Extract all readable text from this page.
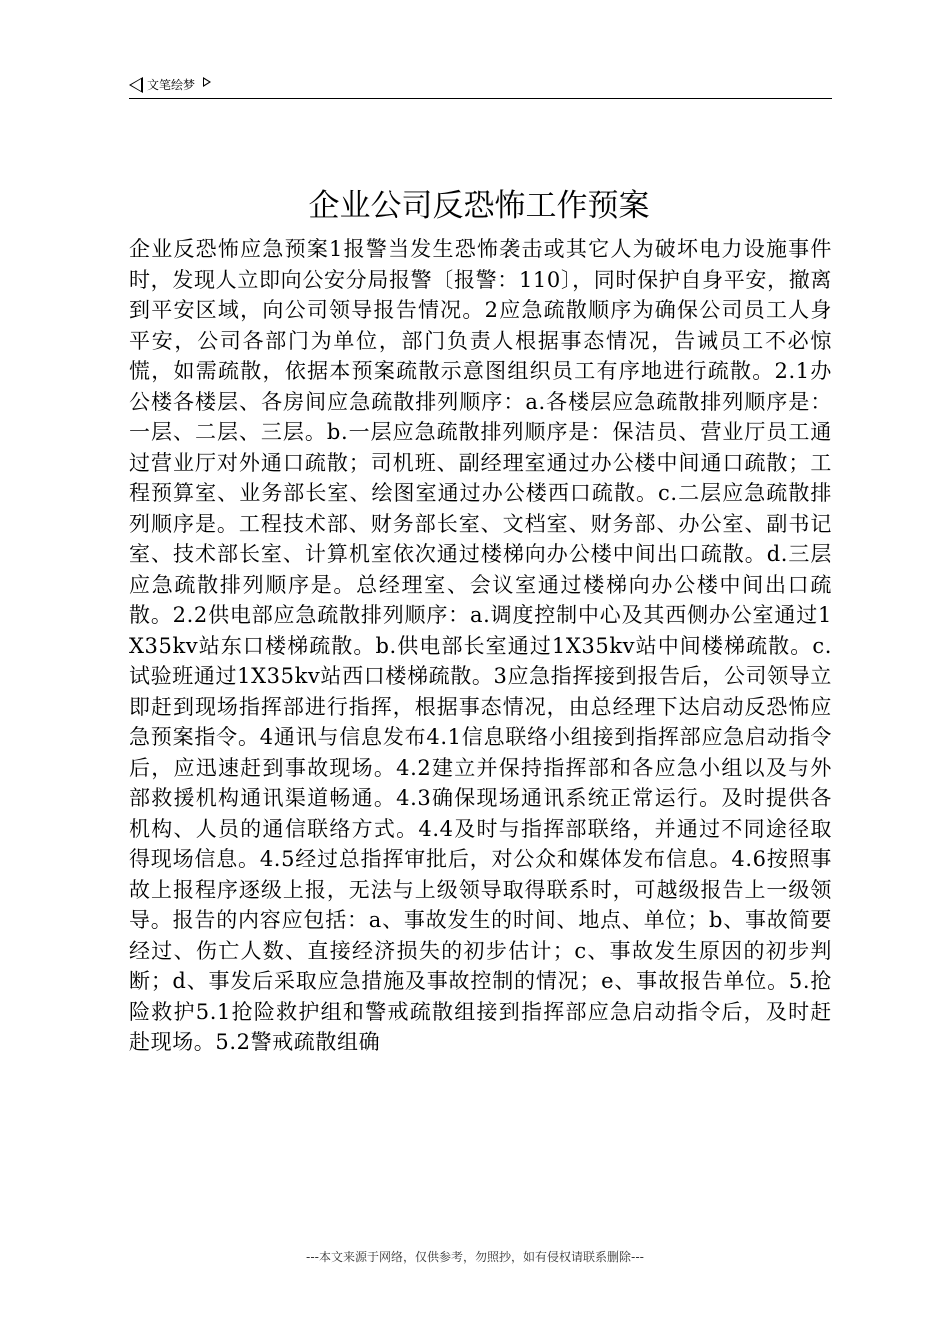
文笔绘梦
企业公司反恐怖工作预案

企业反恐怖应急预案1报警当发生恐怖袭击或其它人为破坏电力设施事件时，发现人立即向公安分局报警〔报警：110〕，同时保护自身平安，撤离到平安区域，向公司领导报告情况。2应急疏散顺序为确保公司员工人身平安，公司各部门为单位，部门负责人根据事态情况，告诫员工不必惊慌，如需疏散，依据本预案疏散示意图组织员工有序地进行疏散。2.1办公楼各楼层、各房间应急疏散排列顺序：a.各楼层应急疏散排列顺序是：一层、二层、三层。b.一层应急疏散排列顺序是：保洁员、营业厅员工通过营业厅对外通口疏散；司机班、副经理室通过办公楼中间通口疏散；工程预算室、业务部长室、绘图室通过办公楼西口疏散。c.二层应急疏散排列顺序是。工程技术部、财务部长室、文档室、财务部、办公室、副书记室、技术部长室、计算机室依次通过楼梯向办公楼中间出口疏散。d.三层应急疏散排列顺序是。总经理室、会议室通过楼梯向办公楼中间出口疏散。2.2供电部应急疏散排列顺序：a.调度控制中心及其西侧办公室通过1X35kv站东口楼梯疏散。b.供电部长室通过1X35kv站中间楼梯疏散。c.试验班通过1X35kv站西口楼梯疏散。3应急指挥接到报告后，公司领导立即赶到现场指挥部进行指挥，根据事态情况，由总经理下达启动反恐怖应急预案指令。4通讯与信息发布4.1信息联络小组接到指挥部应急启动指令后，应迅速赶到事故现场。4.2建立并保持指挥部和各应急小组以及与外部救援机构通讯渠道畅通。4.3确保现场通讯系统正常运行。及时提供各机构、人员的通信联络方式。4.4及时与指挥部联络，并通过不同途径取得现场信息。4.5经过总指挥审批后，对公众和媒体发布信息。4.6按照事故上报程序逐级上报，无法与上级领导取得联系时，可越级报告上一级领导。报告的内容应包括：a、事故发生的时间、地点、单位；b、事故简要经过、伤亡人数、直接经济损失的初步估计；c、事故发生原因的初步判断；d、事发后采取应急措施及事故控制的情况；e、事故报告单位。5.抢险救护5.1抢险救护组和警戒疏散组接到指挥部应急启动指令后，及时赶赴现场。5.2警戒疏散组确

---本文来源于网络，仅供参考，勿照抄，如有侵权请联系删除---
